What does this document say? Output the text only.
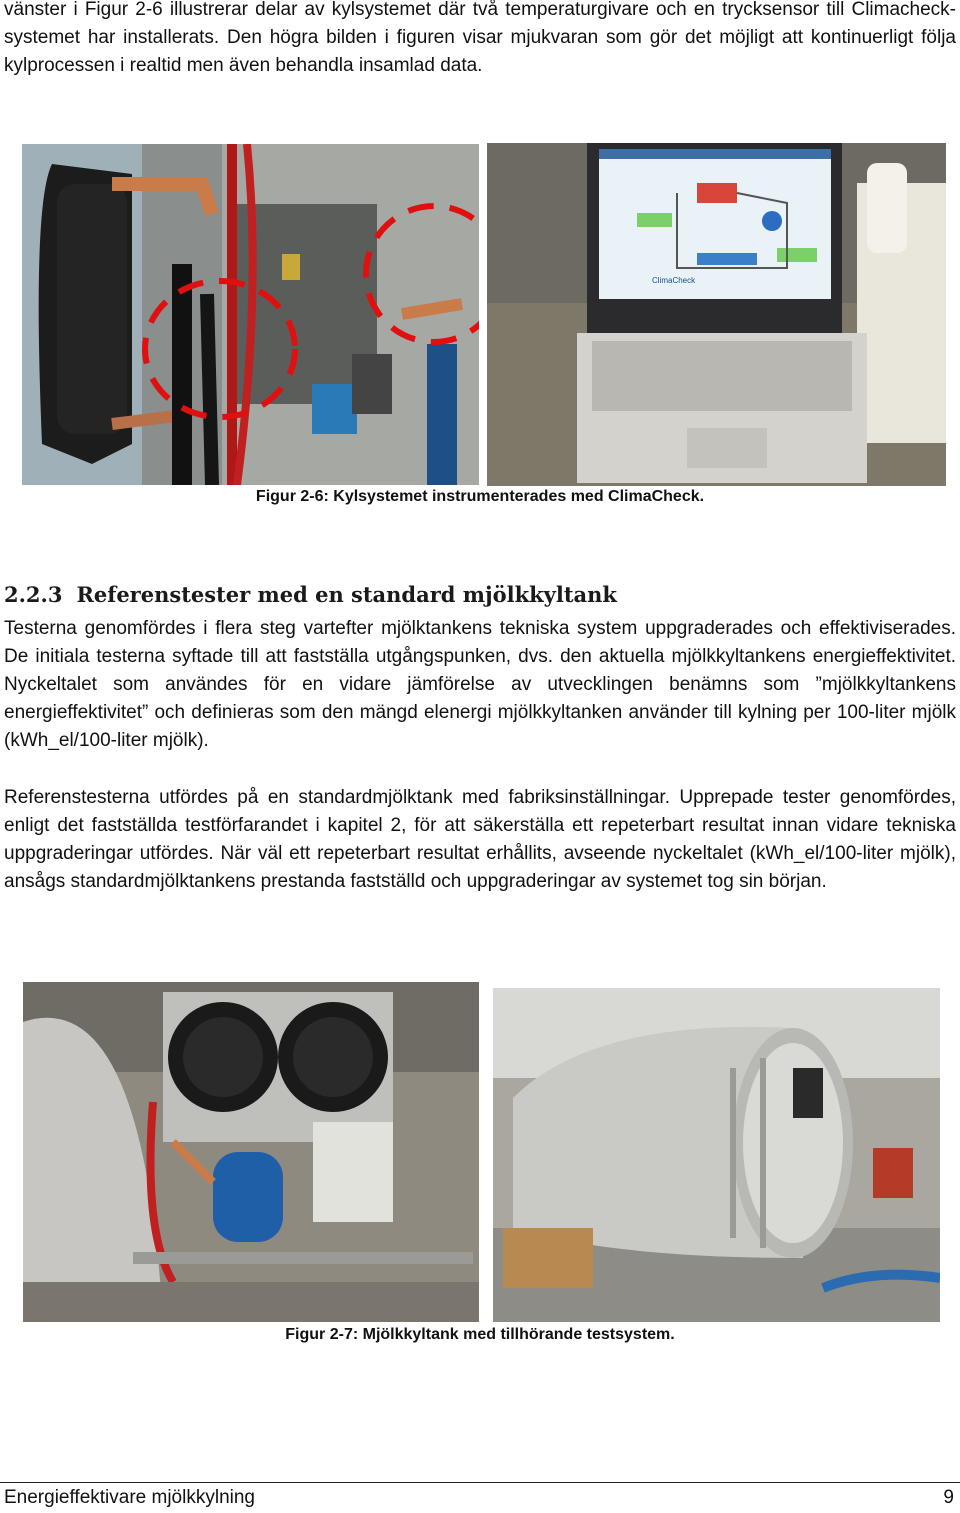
vänster i Figur 2-6 illustrerar delar av kylsystemet där två temperaturgivare och en trycksensor till Climacheck-systemet har installerats. Den högra bilden i figuren visar mjukvaran som gör det möjligt att kontinuerligt följa kylprocessen i realtid men även behandla insamlad data.

ClimaCheck

Figur 2-6: Kylsystemet instrumenterades med ClimaCheck.

2.2.3 Referenstester med en standard mjölkkyltank

Testerna genomfördes i flera steg vartefter mjölktankens tekniska system uppgraderades och effektiviserades. De initiala testerna syftade till att fastställa utgångspunken, dvs. den aktuella mjölkkyltankens energieffektivitet. Nyckeltalet som användes för en vidare jämförelse av utvecklingen benämns som ”mjölkkyltankens energieffektivitet” och definieras som den mängd elenergi mjölkkyltanken använder till kylning per 100-liter mjölk (kWh_el/100-liter mjölk).

Referenstesterna utfördes på en standardmjölktank med fabriksinställningar. Upprepade tester genomfördes, enligt det fastställda testförfarandet i kapitel 2, för att säkerställa ett repeterbart resultat innan vidare tekniska uppgraderingar utfördes. När väl ett repeterbart resultat erhållits, avseende nyckeltalet (kWh_el/100-liter mjölk), ansågs standardmjölktankens prestanda fastställd och uppgraderingar av systemet tog sin början.

Figur 2-7: Mjölkkyltank med tillhörande testsystem.

Energieffektivare mjölkkylning	9
